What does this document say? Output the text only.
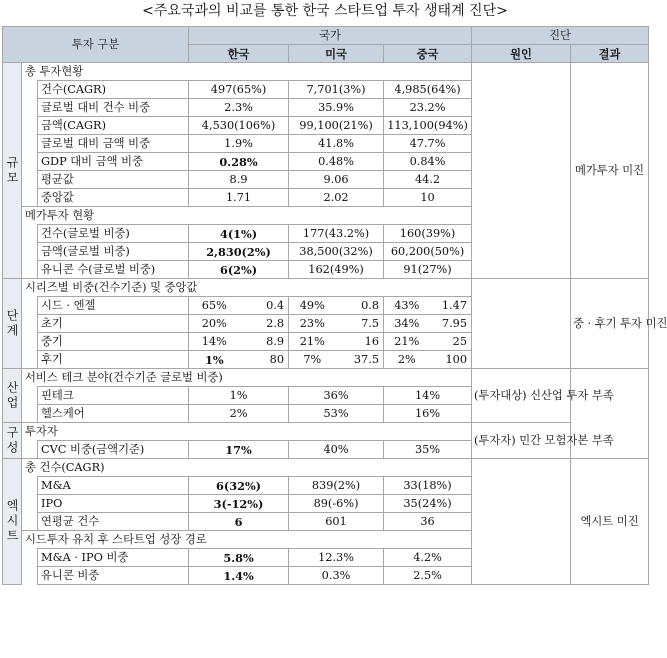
<주요국과의 비교를 통한 한국 스타트업 투자 생태계 진단>
투자 구분			국가						진단	
			한국		미국		중국		원인	결과
규모	총 투자현황									메가투자 미진
		건수(CAGR)	497(65%)		7,701(3%)		4,985(64%)			
		글로벌 대비 건수 비중	2.3%		35.9%		23.2%			
		금액(CAGR)	4,530(106%)		99,100(21%)		113,100(94%)			
		글로벌 대비 금액 비중	1.9%		41.8%		47.7%			
		GDP 대비 금액 비중	0.28%		0.48%		0.84%			
		평균값	8.9		9.06		44.2			
		중앙값	1.71		2.02		10			
	메가투자 현황									
		건수(글로벌 비중)	4(1%)		177(43.2%)		160(39%)			
		금액(글로벌 비중)	2,830(2%)		38,500(32%)		60,200(50%)			
		유니콘 수(글로벌 비중)	6(2%)		162(49%)		91(27%)			
단계	시리즈별 비중(건수기준) 및 중앙값									중 · 후기 투자 미진
		시드 · 엔젤	65%	0.4	49%	0.8	43%	1.47		
		초기	20%	2.8	23%	7.5	34%	7.95		
		중기	14%	8.9	21%	16	21%	25		
		후기	1%	80	7%	37.5	2%	100		
산업	서비스 테크 분야(건수기준 글로벌 비중)								(투자대상) 신산업 투자 부족	
		핀테크	1%		36%		14%			
		헬스케어	2%		53%		16%			
구성	투자자								(투자자) 민간 모험자본 부족	
		CVC 비중(금액기준)	17%		40%		35%			

엑시트	총 건수(CAGR)									엑시트 미진
		M&A	6(32%)		839(2%)		33(18%)			
		IPO	3(-12%)		89(-6%)		35(24%)			
		연평균 건수	6		601		36			
	시드투자 유치 후 스타트업 성장 경로									
		M&A · IPO 비중	5.8%		12.3%		4.2%			
		유니콘 비중	1.4%		0.3%		2.5%			
